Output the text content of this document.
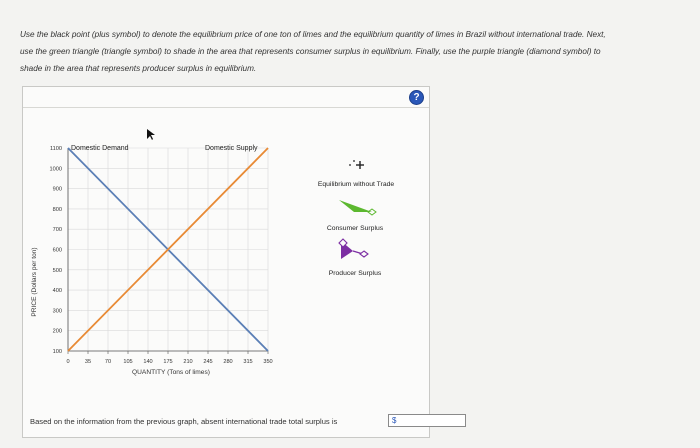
Use the black point (plus symbol) to denote the equilibrium price of one ton of limes and the equilibrium quantity of limes in Brazil without international trade. Next, use the green triangle (triangle symbol) to shade in the area that represents consumer surplus in equilibrium. Finally, use the purple triangle (diamond symbol) to shade in the area that represents producer surplus in equilibrium.

?
100
200
300
400
500
600
700
800
900
1000
1100
0	35 70 105 140 175 210 245 280 315 350
PRICE (Dollars per ton)
QUANTITY (Tons of limes)
Domestic Demand	Domestic Supply
Equilibrium without Trade
Consumer Surplus
Producer Surplus
Based on the information from the previous graph, absent international trade total surplus is	$
